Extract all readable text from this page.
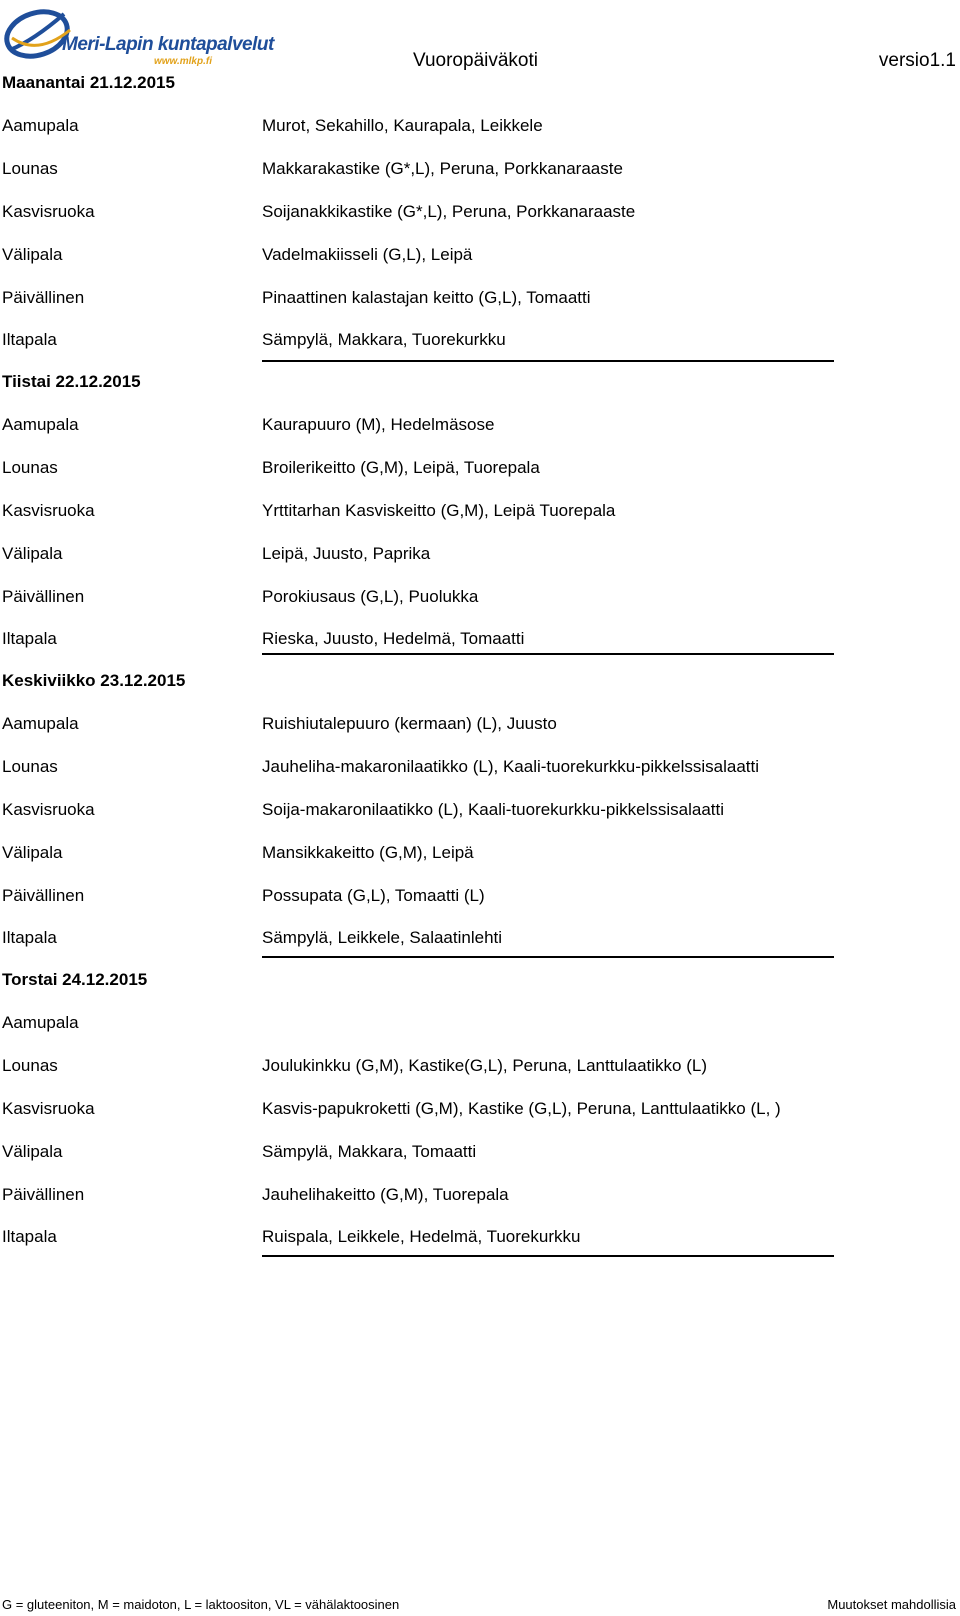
Meri-Lapin kuntapalvelut
www.mlkp.fi	Vuoropäiväkoti	versio1.1
Maanantai 21.12.2015
Aamupala	Murot, Sekahillo, Kaurapala, Leikkele
Lounas	Makkarakastike (G*,L), Peruna, Porkkanaraaste
Kasvisruoka	Soijanakkikastike (G*,L), Peruna, Porkkanaraaste
Välipala	Vadelmakiisseli (G,L), Leipä
Päivällinen	Pinaattinen kalastajan keitto (G,L), Tomaatti
Iltapala	Sämpylä, Makkara, Tuorekurkku
Tiistai 22.12.2015
Aamupala	Kaurapuuro (M), Hedelmäsose
Lounas	Broilerikeitto (G,M), Leipä, Tuorepala
Kasvisruoka	Yrttitarhan Kasviskeitto (G,M), Leipä Tuorepala
Välipala	Leipä, Juusto, Paprika
Päivällinen	Porokiusaus (G,L), Puolukka
Iltapala	Rieska, Juusto, Hedelmä, Tomaatti
Keskiviikko 23.12.2015
Aamupala	Ruishiutalepuuro (kermaan) (L), Juusto
Lounas	Jauheliha-makaronilaatikko (L), Kaali-tuorekurkku-pikkelssisalaatti
Kasvisruoka	Soija-makaronilaatikko (L), Kaali-tuorekurkku-pikkelssisalaatti
Välipala	Mansikkakeitto (G,M), Leipä
Päivällinen	Possupata (G,L), Tomaatti (L)
Iltapala	Sämpylä, Leikkele, Salaatinlehti
Torstai 24.12.2015
Aamupala
Lounas	Joulukinkku (G,M), Kastike(G,L), Peruna, Lanttulaatikko (L)
Kasvisruoka	Kasvis-papukroketti (G,M), Kastike (G,L), Peruna, Lanttulaatikko (L, )
Välipala	Sämpylä, Makkara, Tomaatti
Päivällinen	Jauhelihakeitto (G,M), Tuorepala
Iltapala	Ruispala, Leikkele, Hedelmä, Tuorekurkku
G = gluteeniton, M = maidoton, L = laktoositon, VL = vähälaktoosinen	Muutokset mahdollisia
